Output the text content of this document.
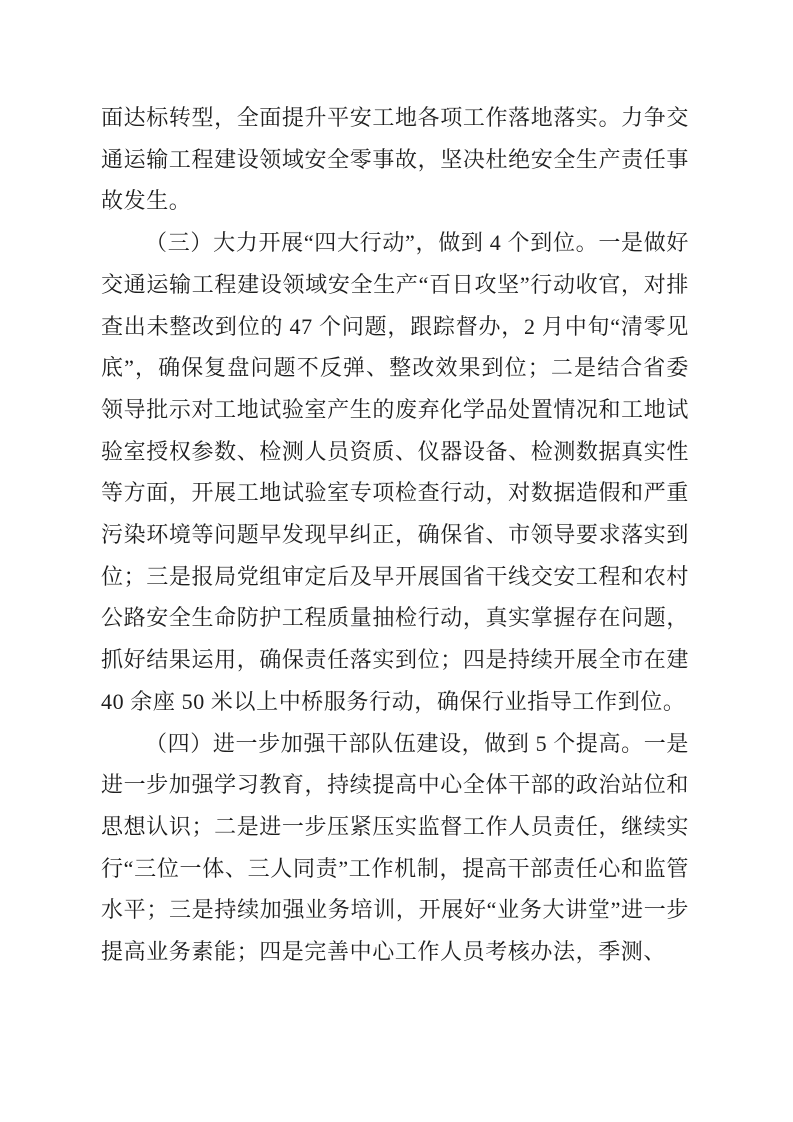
面达标转型，全面提升平安工地各项工作落地落实。力争交通运输工程建设领域安全零事故，坚决杜绝安全生产责任事故发生。

（三）大力开展“四大行动”，做到 4 个到位。一是做好交通运输工程建设领域安全生产“百日攻坚”行动收官，对排查出未整改到位的 47 个问题，跟踪督办，2 月中旬“清零见底”，确保复盘问题不反弹、整改效果到位；二是结合省委领导批示对工地试验室产生的废弃化学品处置情况和工地试验室授权参数、检测人员资质、仪器设备、检测数据真实性等方面，开展工地试验室专项检查行动，对数据造假和严重污染环境等问题早发现早纠正，确保省、市领导要求落实到位；三是报局党组审定后及早开展国省干线交安工程和农村公路安全生命防护工程质量抽检行动，真实掌握存在问题，抓好结果运用，确保责任落实到位；四是持续开展全市在建 40 余座 50 米以上中桥服务行动，确保行业指导工作到位。

（四）进一步加强干部队伍建设，做到 5 个提高。一是进一步加强学习教育，持续提高中心全体干部的政治站位和思想认识；二是进一步压紧压实监督工作人员责任，继续实行“三位一体、三人同责”工作机制，提高干部责任心和监管水平；三是持续加强业务培训，开展好“业务大讲堂”进一步提高业务素能；四是完善中心工作人员考核办法，季测、
